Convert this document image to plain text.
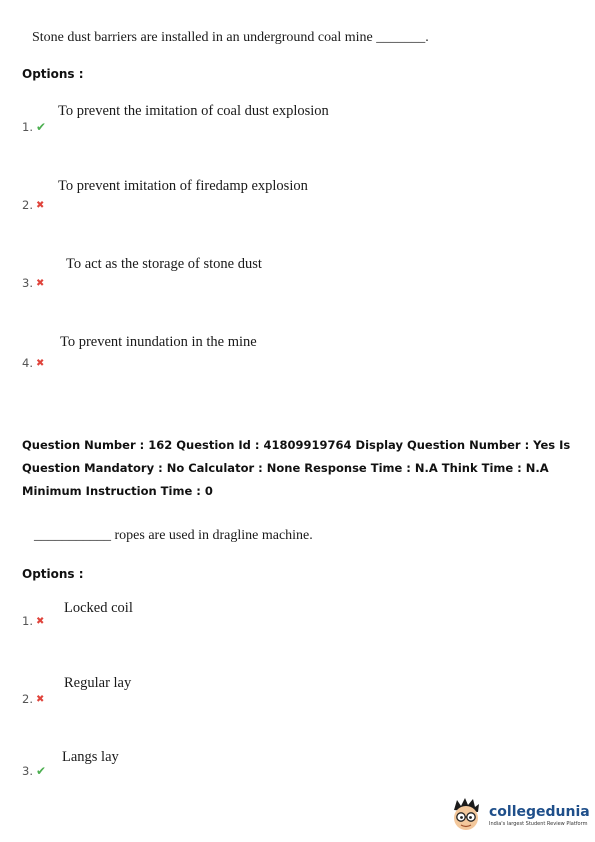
Stone dust barriers are installed in an underground coal mine _______.
Options :
To prevent the imitation of coal dust explosion
1. ✔
To prevent imitation of firedamp explosion
2. ✖
To act as the storage of stone dust
3. ✖
To prevent inundation in the mine
4. ✖
Question Number : 162 Question Id : 41809919764 Display Question Number : Yes Is Question Mandatory : No Calculator : None Response Time : N.A Think Time : N.A Minimum Instruction Time : 0
___________ ropes are used in dragline machine.
Options :
Locked coil
1. ✖
Regular lay
2. ✖
Langs lay
3. ✔
collegedunia
India's largest Student Review Platform
